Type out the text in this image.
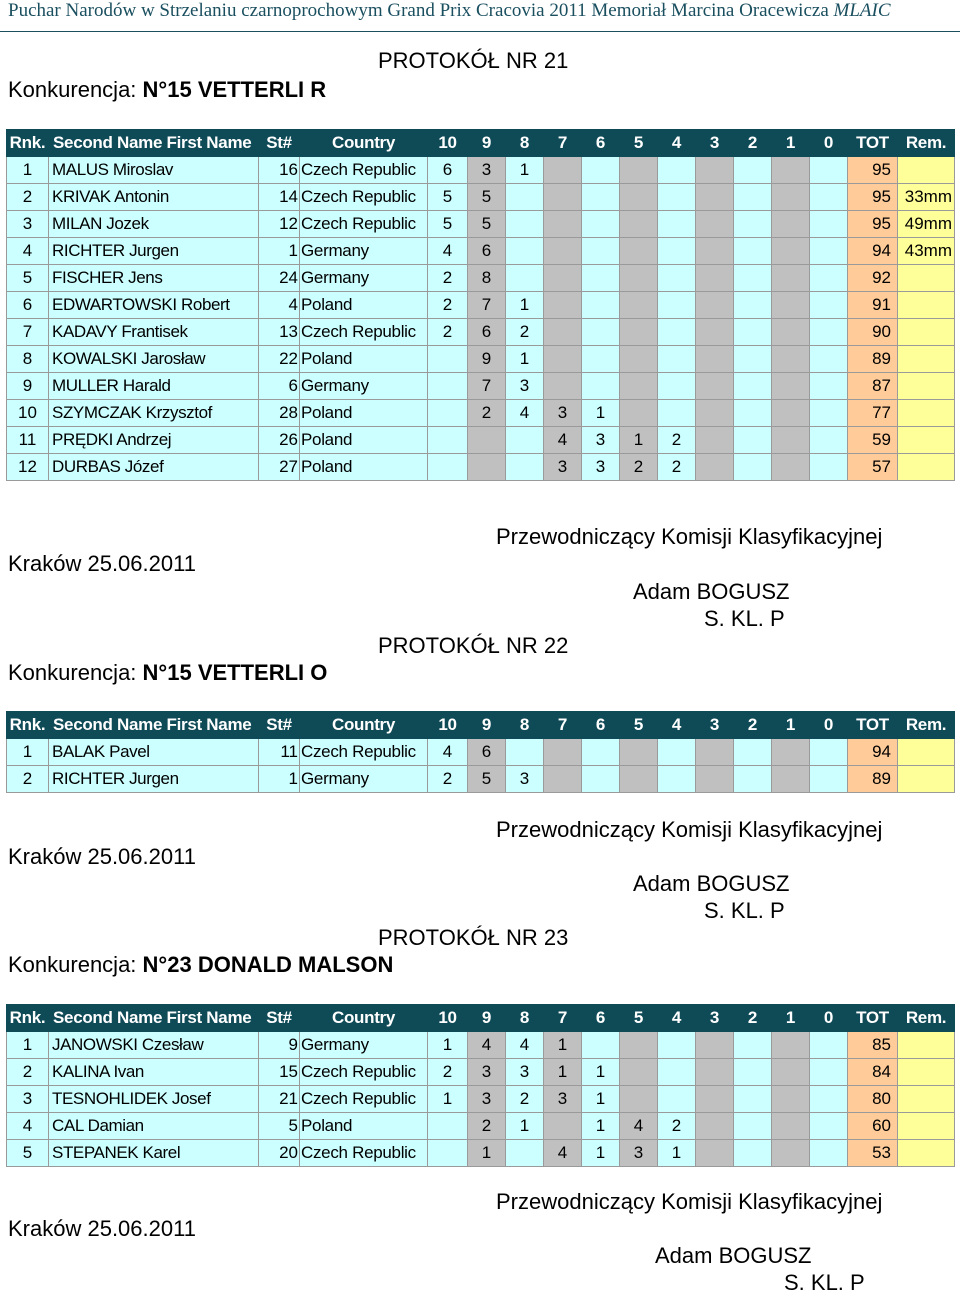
Puchar Narodów w Strzelaniu czarnoprochowym Grand Prix Cracovia 2011 Memoriał Marcina Oracewicza MLAIC
PROTOKÓŁ NR 21
Konkurencja: N°15 VETTERLI R
Rnk.	Second Name First Name	St#	Country	10	9	8	7	6	5	4	3	2	1	0	TOT	Rem.
1	MALUS Miroslav	16	Czech Republic	6	3	1									95	
2	KRIVAK Antonin	14	Czech Republic	5	5										95	33mm
3	MILAN Jozek	12	Czech Republic	5	5										95	49mm
4	RICHTER Jurgen	1	Germany	4	6										94	43mm
5	FISCHER Jens	24	Germany	2	8										92	
6	EDWARTOWSKI Robert	4	Poland	2	7	1									91	
7	KADAVY Frantisek	13	Czech Republic	2	6	2									90	
8	KOWALSKI Jarosław	22	Poland		9	1									89	
9	MULLER Harald	6	Germany		7	3									87	
10	SZYMCZAK Krzysztof	28	Poland		2	4	3	1							77	
11	PRĘDKI Andrzej	26	Poland				4	3	1	2					59	
12	DURBAS Józef	27	Poland				3	3	2	2					57	
Przewodniczący Komisji Klasyfikacyjnej
Kraków 25.06.2011
Adam BOGUSZ
S. KL. P
PROTOKÓŁ NR 22
Konkurencja: N°15 VETTERLI O
Rnk.	Second Name First Name	St#	Country	10	9	8	7	6	5	4	3	2	1	0	TOT	Rem.
1	BALAK Pavel	11	Czech Republic	4	6										94	
2	RICHTER Jurgen	1	Germany	2	5	3									89	
Przewodniczący Komisji Klasyfikacyjnej
Kraków 25.06.2011
Adam BOGUSZ
S. KL. P
PROTOKÓŁ NR 23
Konkurencja: N°23 DONALD MALSON
Rnk.	Second Name First Name	St#	Country	10	9	8	7	6	5	4	3	2	1	0	TOT	Rem.
1	JANOWSKI Czesław	9	Germany	1	4	4	1								85	
2	KALINA Ivan	15	Czech Republic	2	3	3	1	1							84	
3	TESNOHLIDEK Josef	21	Czech Republic	1	3	2	3	1							80	
4	CAL Damian	5	Poland		2	1		1	4	2					60	
5	STEPANEK Karel	20	Czech Republic		1		4	1	3	1					53	
Przewodniczący Komisji Klasyfikacyjnej
Kraków 25.06.2011
Adam BOGUSZ
S. KL. P
